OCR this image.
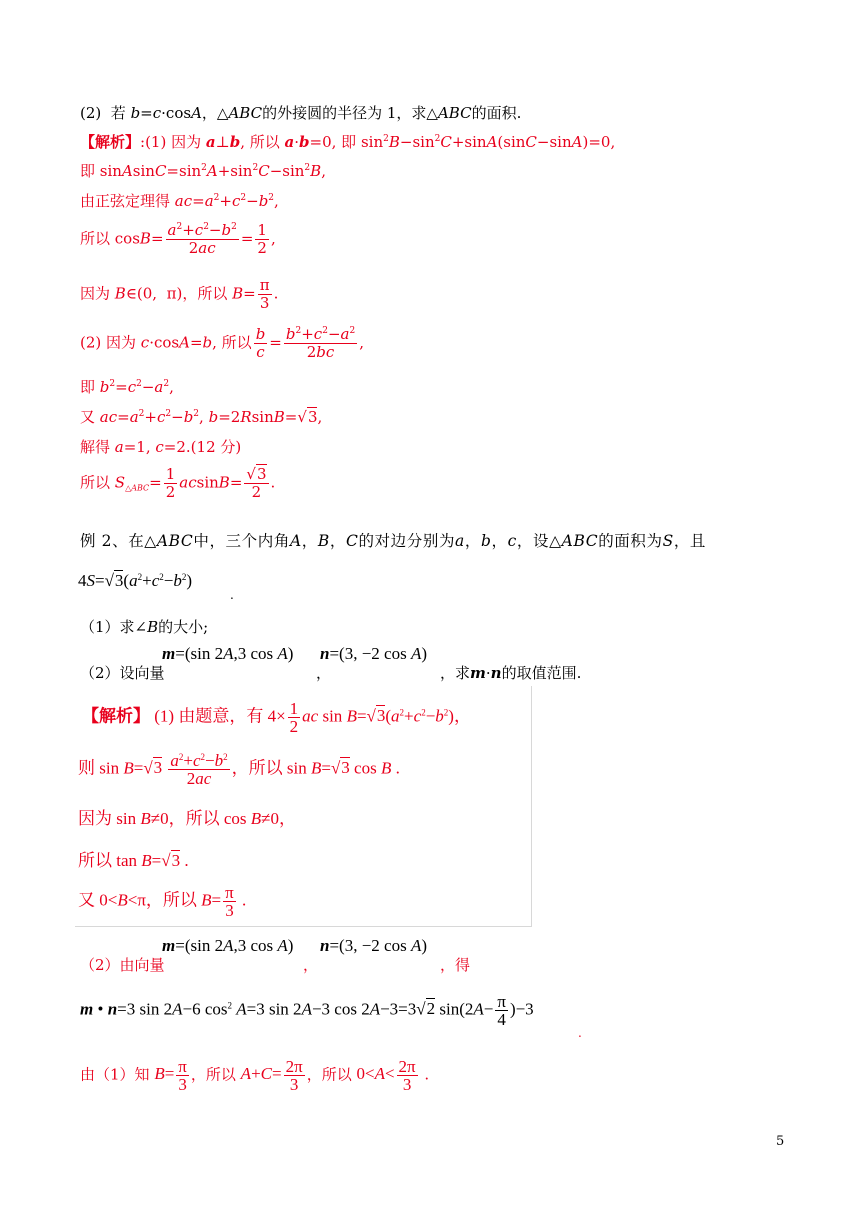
(2)  若 b=c·cosA，△ABC的外接圆的半径为 1，求△ABC的面积.
【解析】:(1) 因为 a⊥b, 所以 a·b=0, 即 $\sin^2B-\sin^2C+\sin A(\sin C-\sin A)=0$,
即 $sinAsinC=\sin^2A+\sin^2C-\sin^2B$,
由正弦定理得 $ac=a^2+c^2-b^2$,
所以 $\cos B= \frac{a^2+c^2-b^2}{2ac} = \frac{1}{2}$ ,
因为 B∈(0,  π)，所以 $B= \frac{\pi}{3}$ .
(2) 因为 c·cosA=b, 所以 $\frac{b}{c} = \frac{b^2+c^2-a^2}{2bc}$ ,
即 $b^2=c^2-a^2$,
又 $ac=a^2+c^2-b^2$, b=2RsinB=√3,
解得 a=1, c=2.(12 分)
所以 $S_{\triangle ABC}= \frac{1}{2} acsinB= \frac{√3}{2}$ .
例 2、在△ABC中，三个内角A，B，C的对边分别为a，b，c，设△ABC的面积为S，且
$4S=√3(a^2+c^2-b^2)$
.
（1）求∠B的大小;
m=(sin 2A,3 cos A) n=(3, −2 cos A)
（2）设向量	，	，求m·n的取值范围.
【解析】 (1) 由题意，有 $4\times \frac{1}{2}$ ac $\sin B=√3(a^2+c^2-b^2)$，
则 $\sin B=√3 \frac{a^2+c^2-b^2}{2ac}$ ，所以 sin B=√3 cos B .
因为 sin B≠0，所以 cos B≠0，
所以 tan B=√3 .
又 0<B<π，所以 $B= \frac{\pi}{3}$ .
m=(sin 2A,3 cos A) n=(3, −2 cos A)
（2）由向量	，	，得
m • n=3 sin 2A−6 $\cos^2 A=3$ sin 2A−3 cos 2A−3=3√2 $\sin(2A- \frac{\pi}{4} )-3$
.
由（1）知 $B= \frac{\pi}{3}$ ，所以 $A+C= \frac{2\pi}{3}$ ，所以 $0<A< \frac{2\pi}{3}$ .
5
